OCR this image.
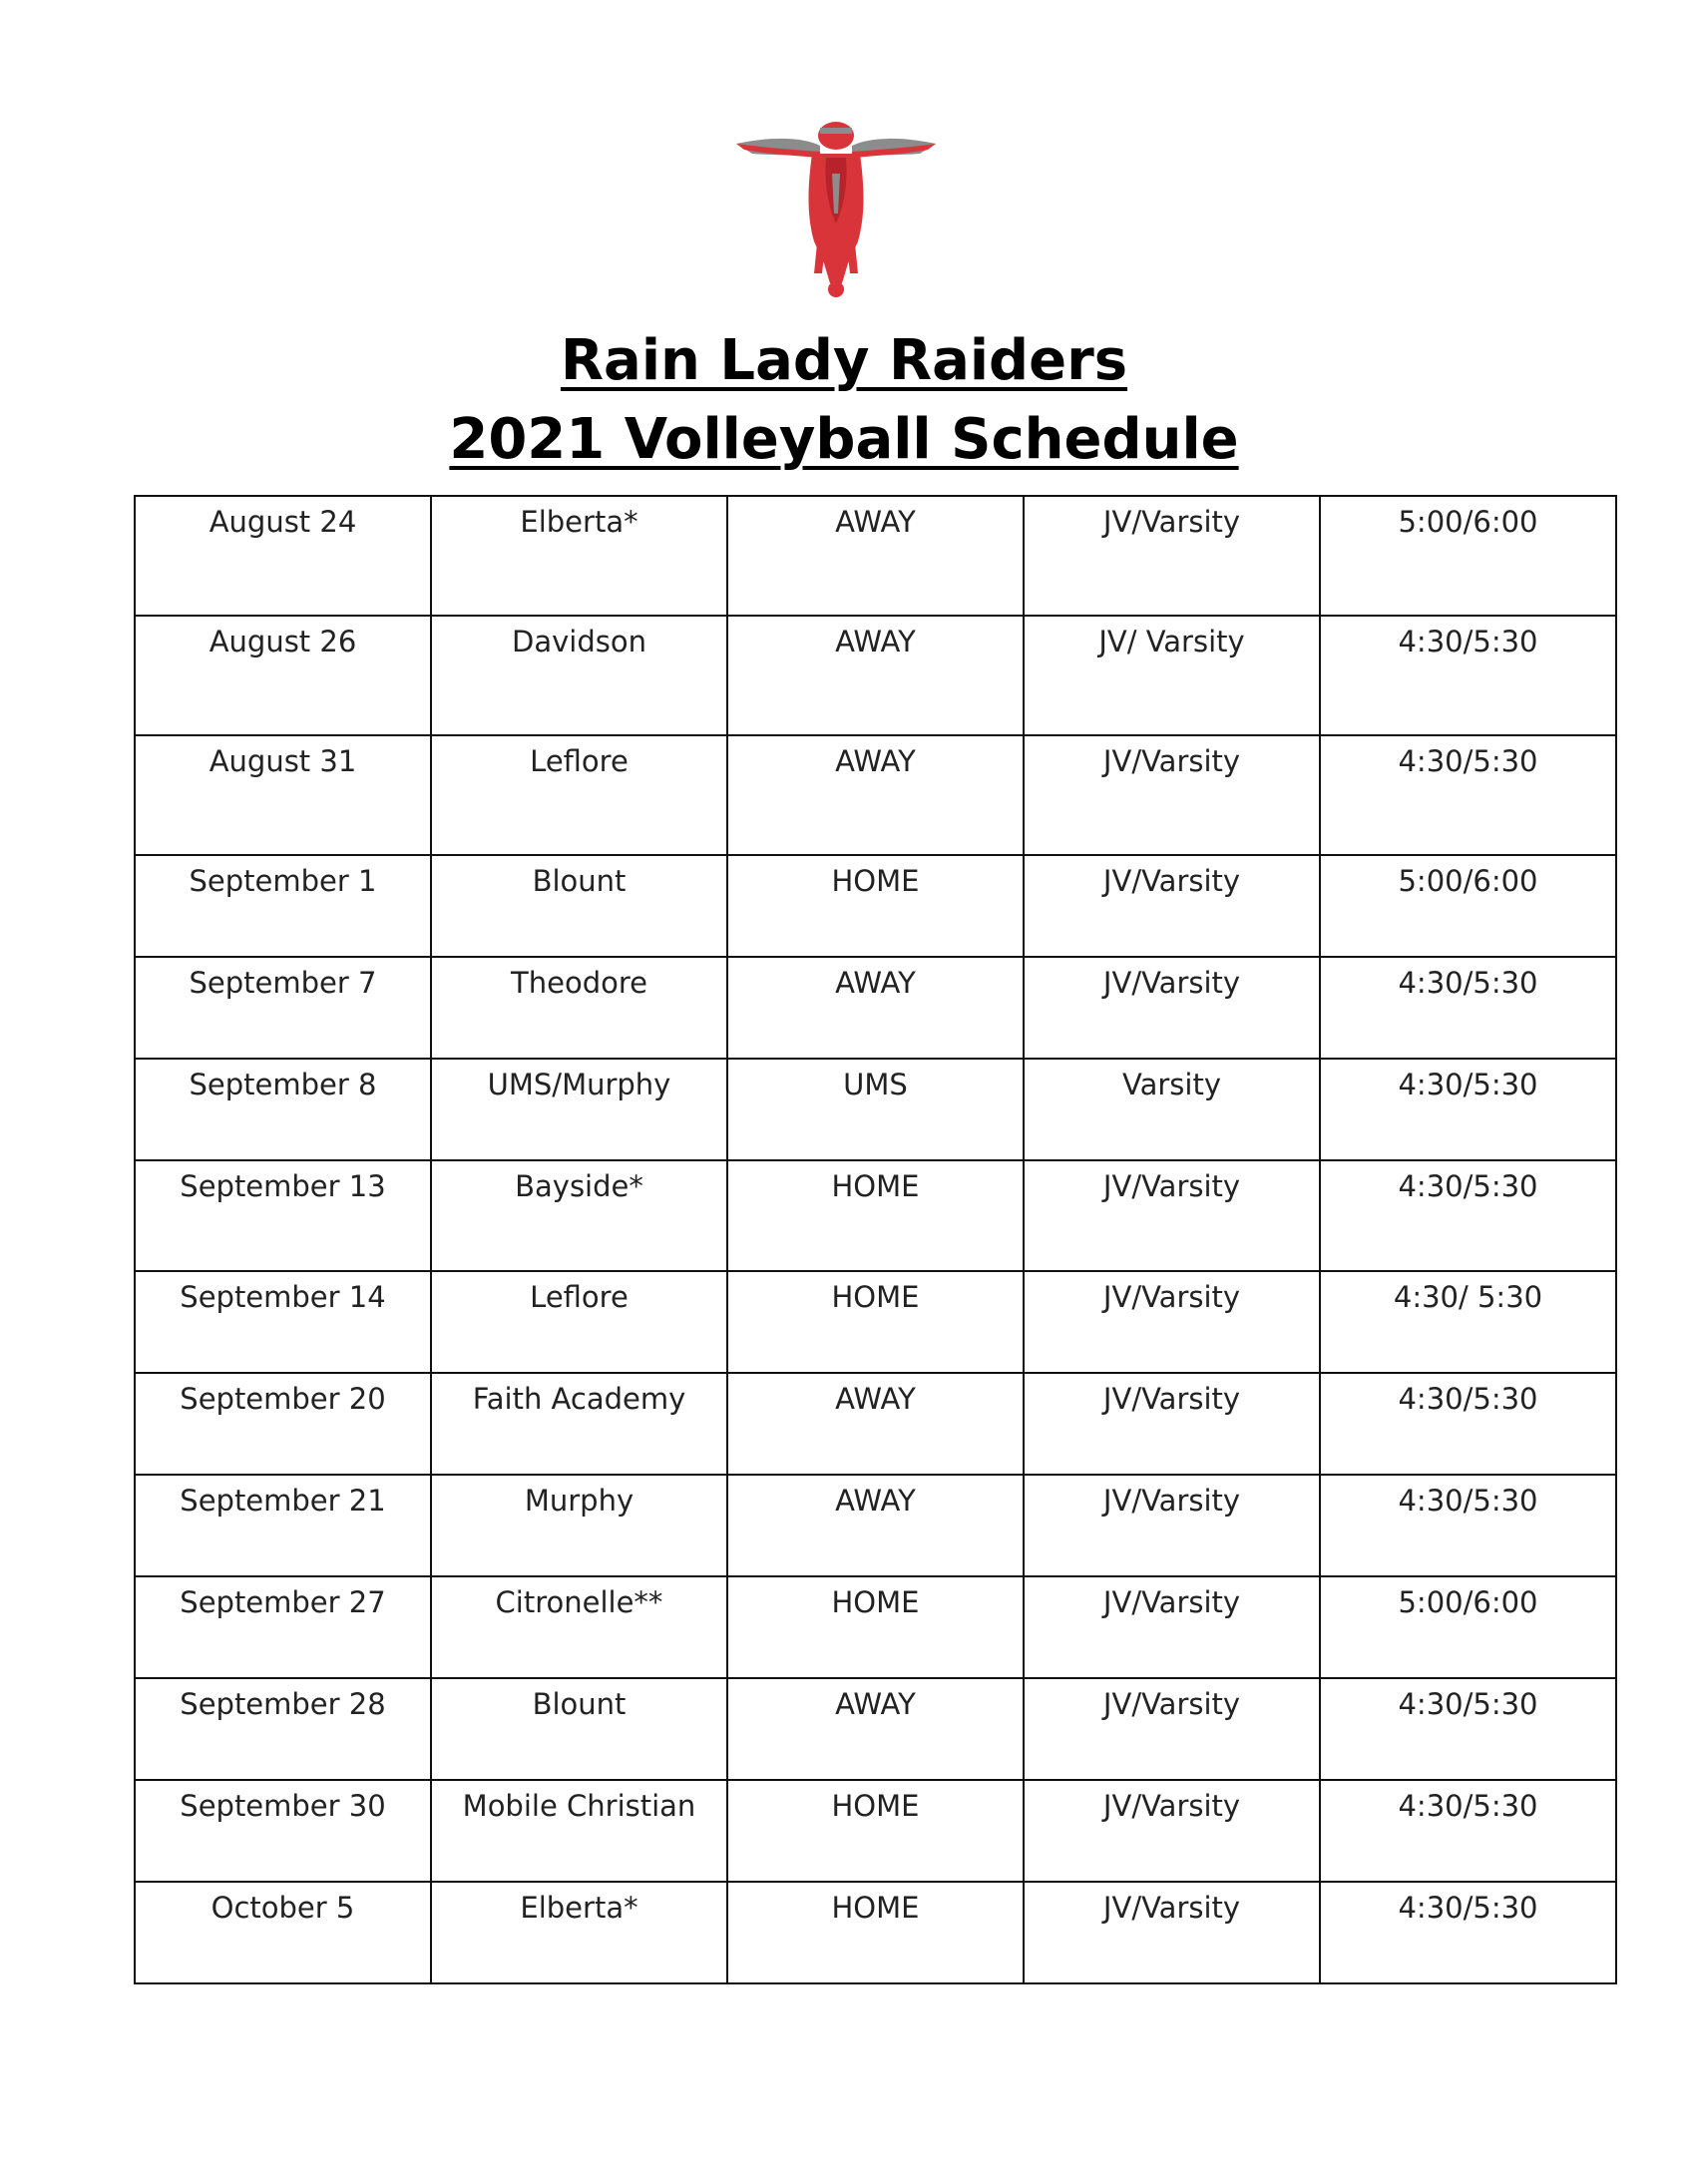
Rain Lady Raiders
2021 Volleyball Schedule
August 24	Elberta*	AWAY	JV/Varsity	5:00/6:00
August 26	Davidson	AWAY	JV/ Varsity	4:30/5:30
August 31	Leflore	AWAY	JV/Varsity	4:30/5:30
September 1	Blount	HOME	JV/Varsity	5:00/6:00
September 7	Theodore	AWAY	JV/Varsity	4:30/5:30
September 8	UMS/Murphy	UMS	Varsity	4:30/5:30
September 13	Bayside*	HOME	JV/Varsity	4:30/5:30
September 14	Leflore	HOME	JV/Varsity	4:30/ 5:30
September 20	Faith Academy	AWAY	JV/Varsity	4:30/5:30
September 21	Murphy	AWAY	JV/Varsity	4:30/5:30
September 27	Citronelle**	HOME	JV/Varsity	5:00/6:00
September 28	Blount	AWAY	JV/Varsity	4:30/5:30
September 30	Mobile Christian	HOME	JV/Varsity	4:30/5:30
October 5	Elberta*	HOME	JV/Varsity	4:30/5:30
